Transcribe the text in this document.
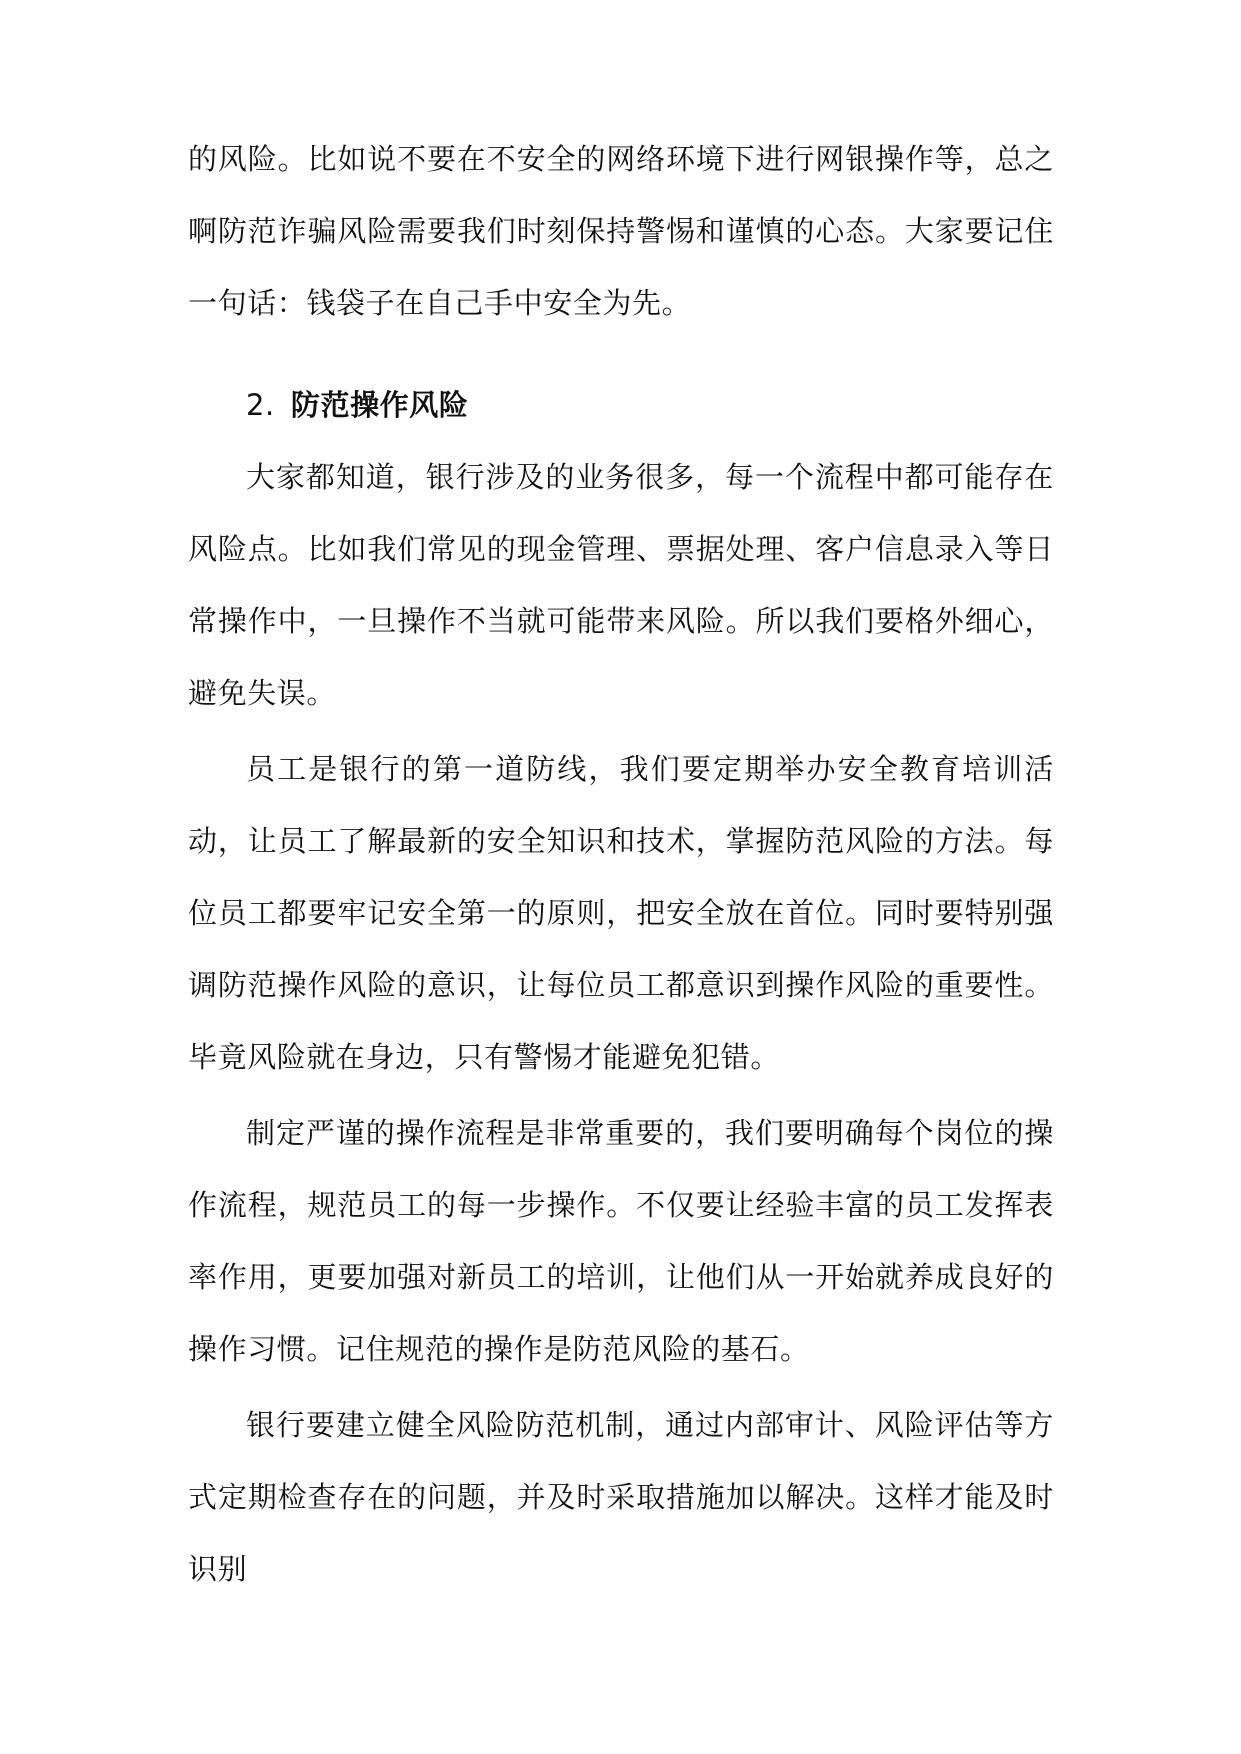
的风险。比如说不要在不安全的网络环境下进行网银操作等，总之啊防范诈骗风险需要我们时刻保持警惕和谨慎的心态。大家要记住一句话：钱袋子在自己手中安全为先。

2. 防范操作风险

大家都知道，银行涉及的业务很多，每一个流程中都可能存在风险点。比如我们常见的现金管理、票据处理、客户信息录入等日常操作中，一旦操作不当就可能带来风险。所以我们要格外细心，避免失误。

员工是银行的第一道防线，我们要定期举办安全教育培训活动，让员工了解最新的安全知识和技术，掌握防范风险的方法。每位员工都要牢记安全第一的原则，把安全放在首位。同时要特别强调防范操作风险的意识，让每位员工都意识到操作风险的重要性。毕竟风险就在身边，只有警惕才能避免犯错。

制定严谨的操作流程是非常重要的，我们要明确每个岗位的操作流程，规范员工的每一步操作。不仅要让经验丰富的员工发挥表率作用，更要加强对新员工的培训，让他们从一开始就养成良好的操作习惯。记住规范的操作是防范风险的基石。

银行要建立健全风险防范机制，通过内部审计、风险评估等方式定期检查存在的问题，并及时采取措施加以解决。这样才能及时识别
